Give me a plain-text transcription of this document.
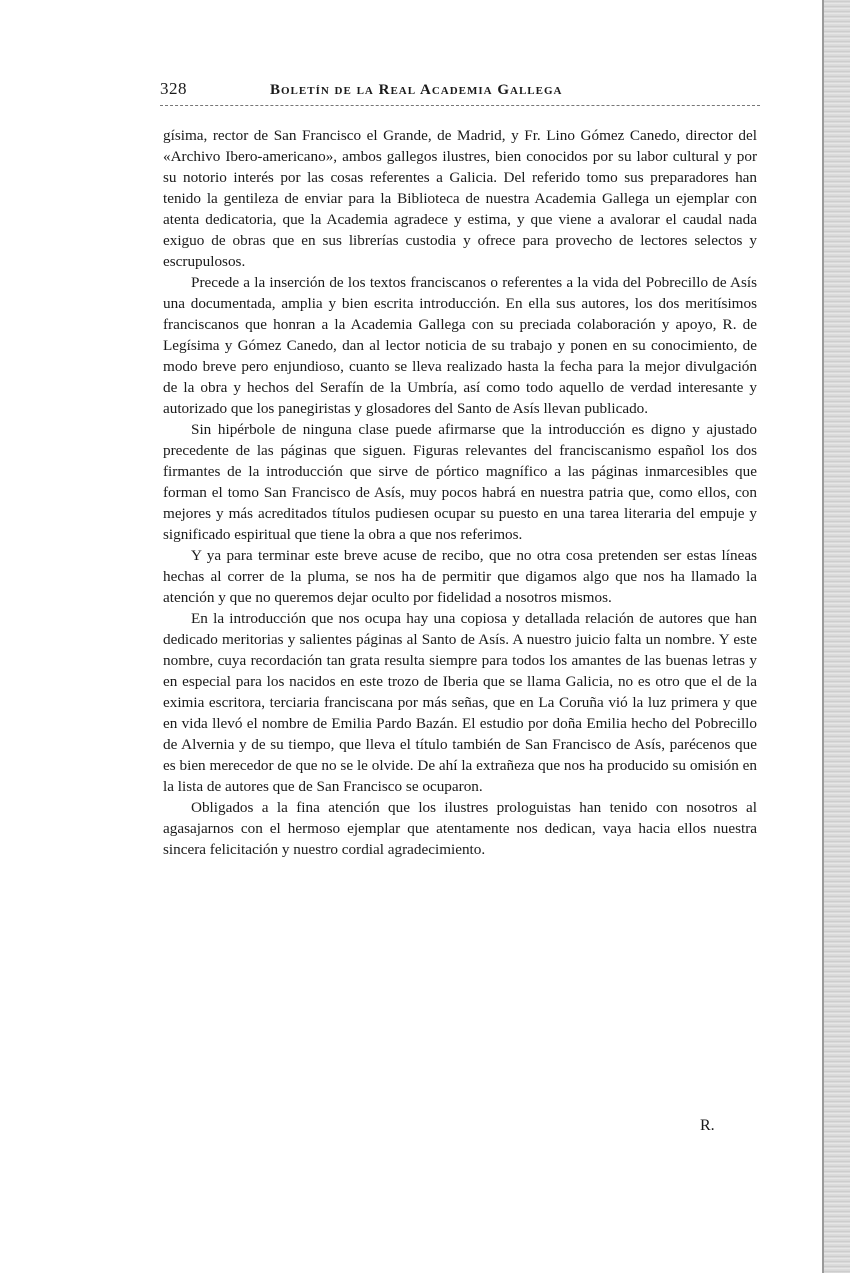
328	Boletín de la Real Academia Gallega

gísima, rector de San Francisco el Grande, de Madrid, y Fr. Lino Gómez Canedo, director del «Archivo Ibero-americano», ambos gallegos ilustres, bien conocidos por su labor cultural y por su notorio interés por las cosas referentes a Galicia. Del referido tomo sus preparadores han tenido la gentileza de enviar para la Biblioteca de nuestra Academia Gallega un ejemplar con atenta dedicatoria, que la Academia agradece y estima, y que viene a avalorar el caudal nada exiguo de obras que en sus librerías custodia y ofrece para provecho de lectores selectos y escrupulosos.

Precede a la inserción de los textos franciscanos o referentes a la vida del Pobrecillo de Asís una documentada, amplia y bien escrita introducción. En ella sus autores, los dos meritísimos franciscanos que honran a la Academia Gallega con su preciada colaboración y apoyo, R. de Legísima y Gómez Canedo, dan al lector noticia de su trabajo y ponen en su conocimiento, de modo breve pero enjundioso, cuanto se lleva realizado hasta la fecha para la mejor divulgación de la obra y hechos del Serafín de la Umbría, así como todo aquello de verdad interesante y autorizado que los panegiristas y glosadores del Santo de Asís llevan publicado.

Sin hipérbole de ninguna clase puede afirmarse que la introducción es digno y ajustado precedente de las páginas que siguen. Figuras relevantes del franciscanismo español los dos firmantes de la introducción que sirve de pórtico magnífico a las páginas inmarcesibles que forman el tomo San Francisco de Asís, muy pocos habrá en nuestra patria que, como ellos, con mejores y más acreditados títulos pudiesen ocupar su puesto en una tarea literaria del empuje y significado espiritual que tiene la obra a que nos referimos.

Y ya para terminar este breve acuse de recibo, que no otra cosa pretenden ser estas líneas hechas al correr de la pluma, se nos ha de permitir que digamos algo que nos ha llamado la atención y que no queremos dejar oculto por fidelidad a nosotros mismos.

En la introducción que nos ocupa hay una copiosa y detallada relación de autores que han dedicado meritorias y salientes páginas al Santo de Asís. A nuestro juicio falta un nombre. Y este nombre, cuya recordación tan grata resulta siempre para todos los amantes de las buenas letras y en especial para los nacidos en este trozo de Iberia que se llama Galicia, no es otro que el de la eximia escritora, terciaria franciscana por más señas, que en La Coruña vió la luz primera y que en vida llevó el nombre de Emilia Pardo Bazán. El estudio por doña Emilia hecho del Pobrecillo de Alvernia y de su tiempo, que lleva el título también de San Francisco de Asís, parécenos que es bien merecedor de que no se le olvide. De ahí la extrañeza que nos ha producido su omisión en la lista de autores que de San Francisco se ocuparon.

Obligados a la fina atención que los ilustres prologuistas han tenido con nosotros al agasajarnos con el hermoso ejemplar que atentamente nos dedican, vaya hacia ellos nuestra sincera felicitación y nuestro cordial agradecimiento.

R.
